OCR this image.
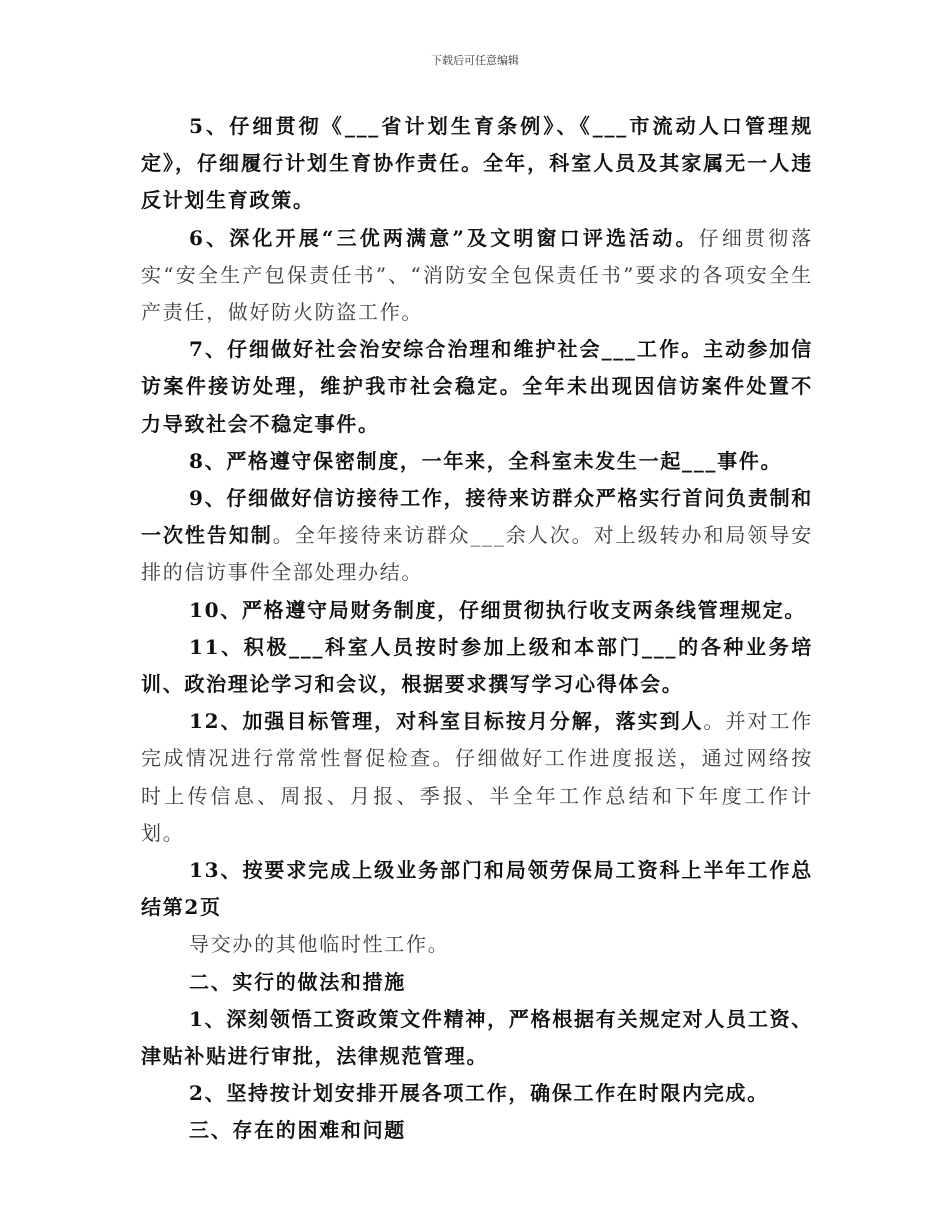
下载后可任意编辑

5、仔细贯彻《___省计划生育条例》、《___市流动人口管理规定》，仔细履行计划生育协作责任。全年，科室人员及其家属无一人违反计划生育政策。

6、深化开展“三优两满意”及文明窗口评选活动。仔细贯彻落实“安全生产包保责任书”、“消防安全包保责任书”要求的各项安全生产责任，做好防火防盗工作。

7、仔细做好社会治安综合治理和维护社会___工作。主动参加信访案件接访处理，维护我市社会稳定。全年未出现因信访案件处置不力导致社会不稳定事件。

8、严格遵守保密制度，一年来，全科室未发生一起___事件。

9、仔细做好信访接待工作，接待来访群众严格实行首问负责制和一次性告知制。全年接待来访群众___余人次。对上级转办和局领导安排的信访事件全部处理办结。

10、严格遵守局财务制度，仔细贯彻执行收支两条线管理规定。

11、积极___科室人员按时参加上级和本部门___的各种业务培训、政治理论学习和会议，根据要求撰写学习心得体会。

12、加强目标管理，对科室目标按月分解，落实到人。并对工作完成情况进行常常性督促检查。仔细做好工作进度报送，通过网络按时上传信息、周报、月报、季报、半全年工作总结和下年度工作计划。

13、按要求完成上级业务部门和局领劳保局工资科上半年工作总结第2页

导交办的其他临时性工作。

二、实行的做法和措施

1、深刻领悟工资政策文件精神，严格根据有关规定对人员工资、津贴补贴进行审批，法律规范管理。

2、坚持按计划安排开展各项工作，确保工作在时限内完成。

三、存在的困难和问题
